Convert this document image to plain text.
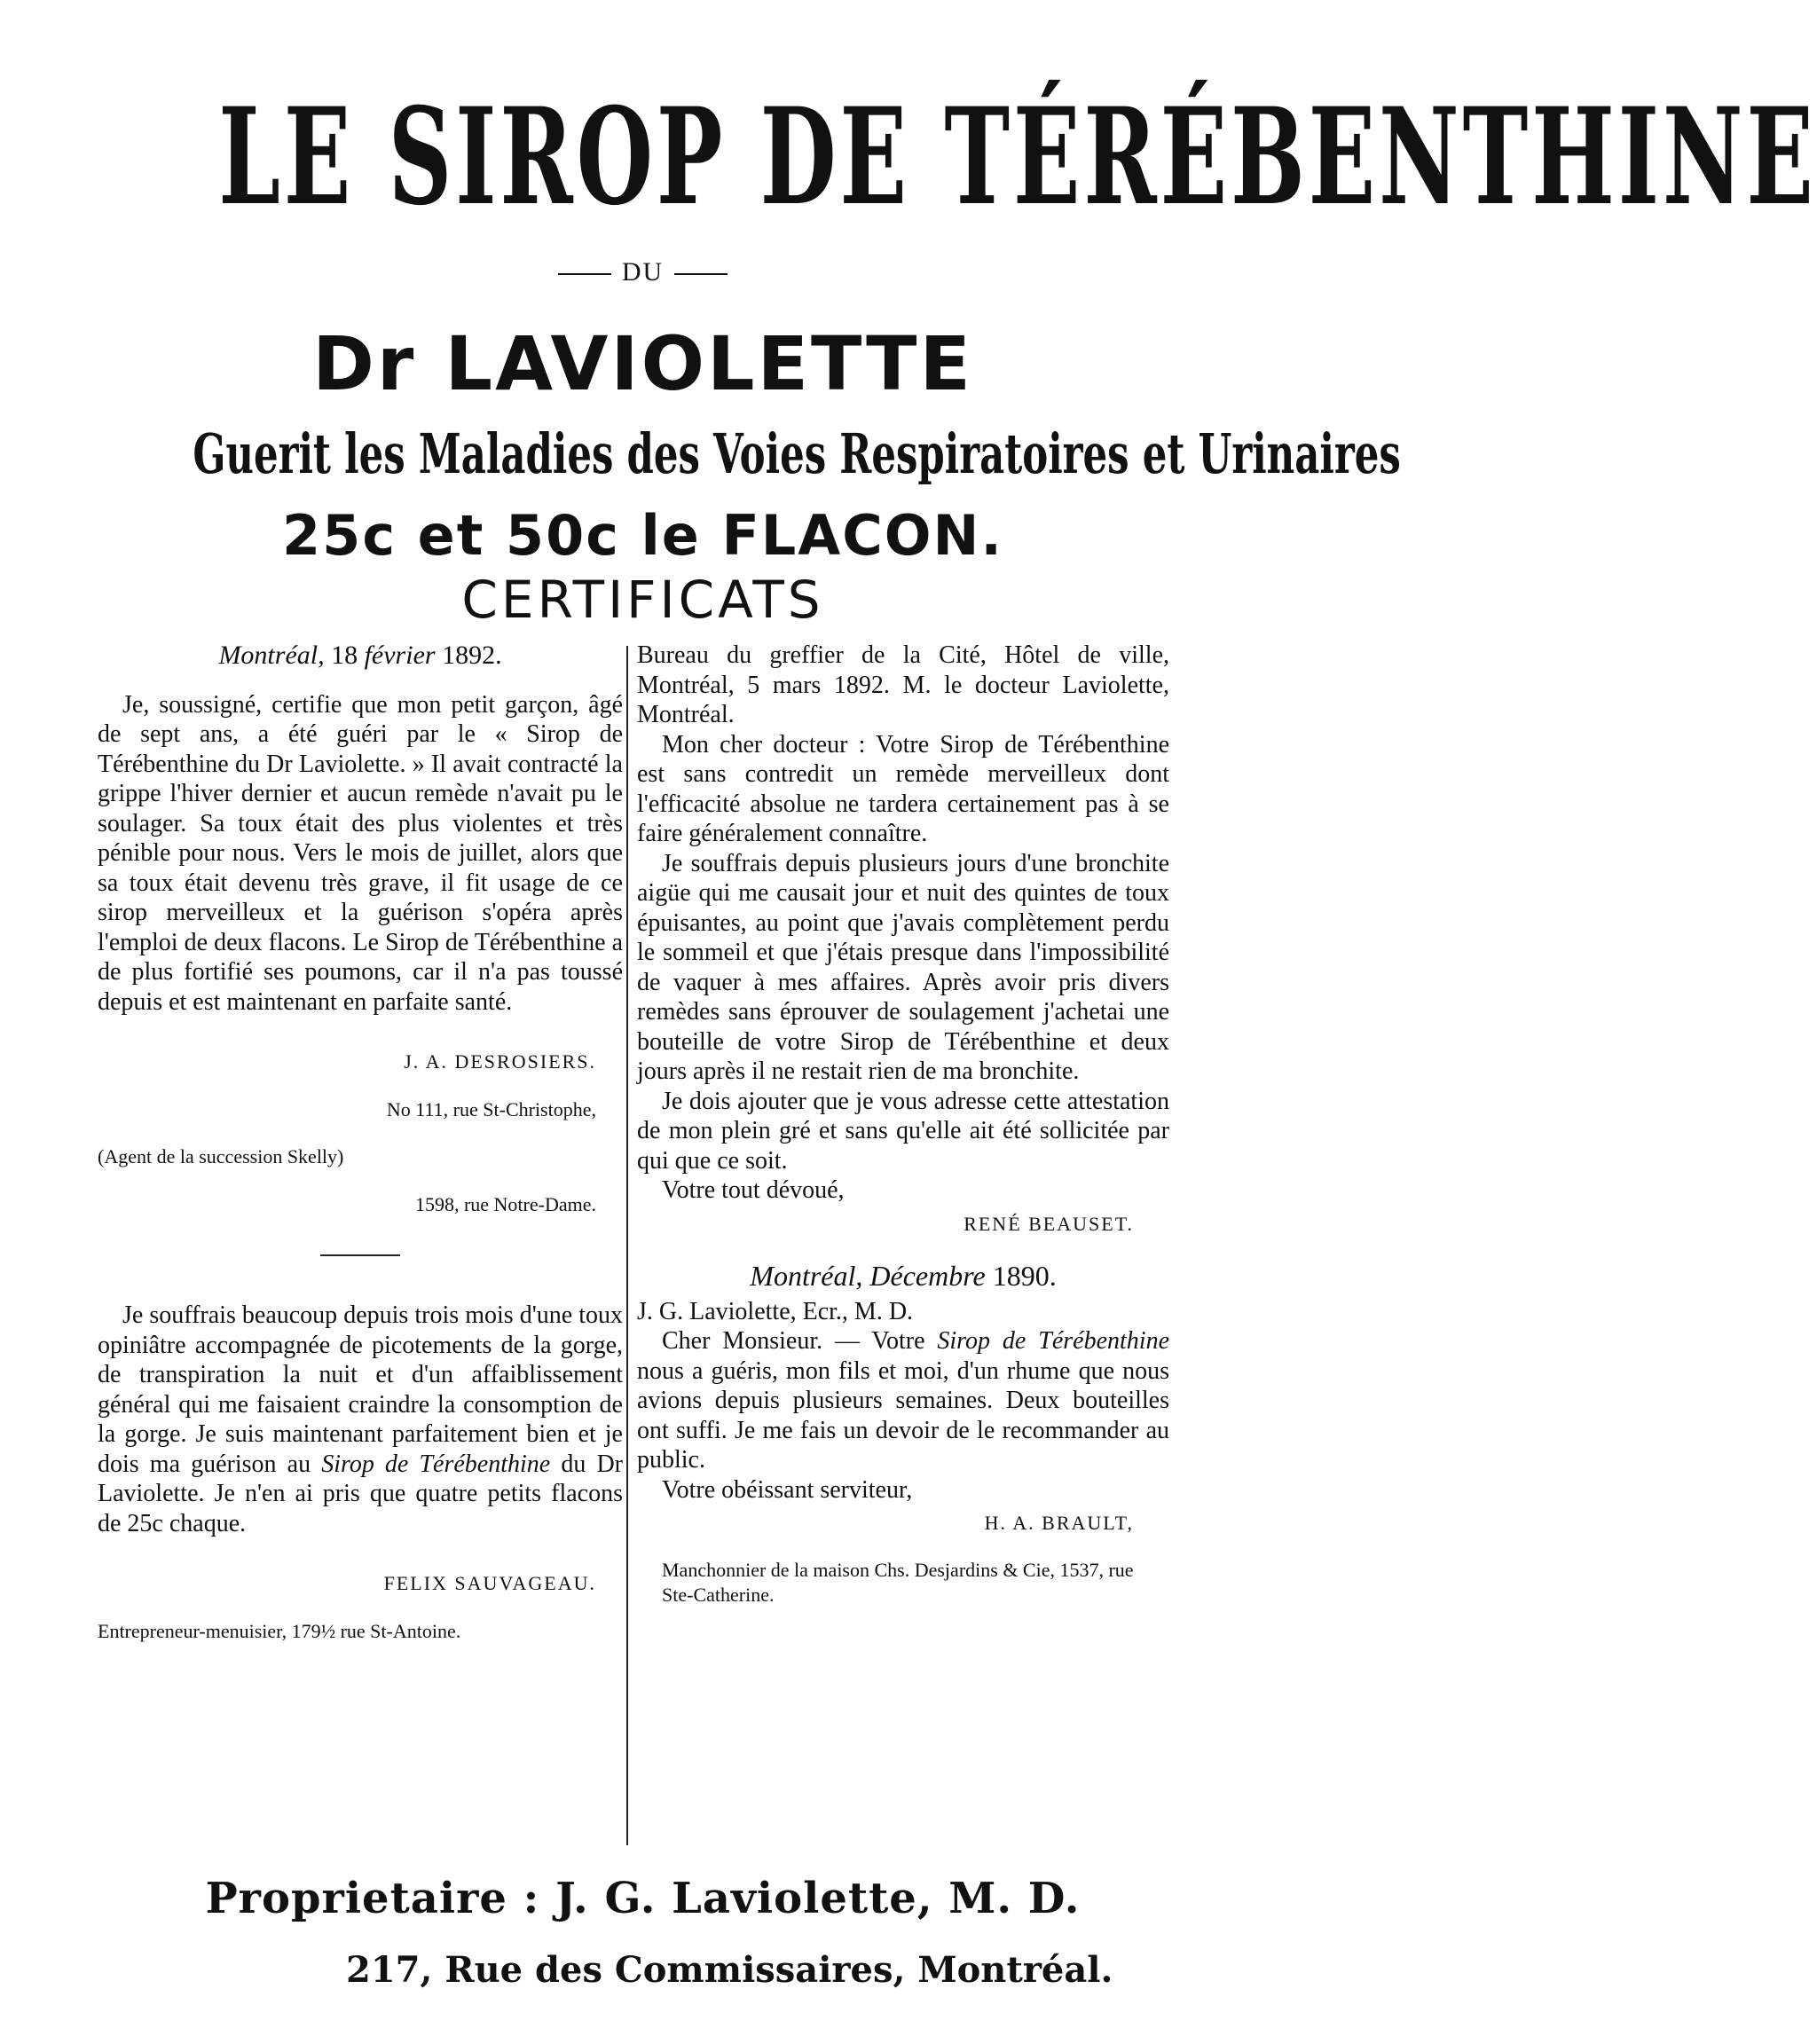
LE SIROP DE TÉRÉBENTHINE
DU
Dr LAVIOLETTE
Guerit les Maladies des Voies Respiratoires et Urinaires
25c et 50c le FLACON.
CERTIFICATS
Montréal, 18 février 1892.

Je, soussigné, certifie que mon petit garçon, âgé de sept ans, a été guéri par le « Sirop de Térébenthine du Dr Laviolette. » Il avait contracté la grippe l'hiver dernier et aucun remède n'avait pu le soulager. Sa toux était des plus violentes et très pénible pour nous. Vers le mois de juillet, alors que sa toux était devenu très grave, il fit usage de ce sirop merveilleux et la guérison s'opéra après l'emploi de deux flacons. Le Sirop de Térébenthine a de plus fortifié ses poumons, car il n'a pas toussé depuis et est maintenant en parfaite santé.

J. A. DESROSIERS.
No 111, rue St-Christophe,
(Agent de la succession Skelly)
1598, rue Notre-Dame.

Je souffrais beaucoup depuis trois mois d'une toux opiniâtre accompagnée de picotements de la gorge, de transpiration la nuit et d'un affaiblissement général qui me faisaient craindre la consomption de la gorge. Je suis maintenant parfaitement bien et je dois ma guérison au Sirop de Térébenthine du Dr Laviolette. Je n'en ai pris que quatre petits flacons de 25c chaque.

FELIX SAUVAGEAU.
Entrepreneur-menuisier, 179½ rue St-Antoine.

Bureau du greffier de la Cité, Hôtel de ville, Montréal, 5 mars 1892. M. le docteur Laviolette, Montréal.

Mon cher docteur : Votre Sirop de Térébenthine est sans contredit un remède merveilleux dont l'efficacité absolue ne tardera certainement pas à se faire généralement connaître.

Je souffrais depuis plusieurs jours d'une bronchite aigüe qui me causait jour et nuit des quintes de toux épuisantes, au point que j'avais complètement perdu le sommeil et que j'étais presque dans l'impossibilité de vaquer à mes affaires. Après avoir pris divers remèdes sans éprouver de soulagement j'achetai une bouteille de votre Sirop de Térébenthine et deux jours après il ne restait rien de ma bronchite.

Je dois ajouter que je vous adresse cette attestation de mon plein gré et sans qu'elle ait été sollicitée par qui que ce soit.

Votre tout dévoué,

RENÉ BEAUSET.
Montréal, Décembre 1890.

J. G. Laviolette, Ecr., M. D.

Cher Monsieur. — Votre Sirop de Térébenthine nous a guéris, mon fils et moi, d'un rhume que nous avions depuis plusieurs semaines. Deux bouteilles ont suffi. Je me fais un devoir de le recommander au public.

Votre obéissant serviteur,

H. A. BRAULT,
Manchonnier de la maison Chs. Desjardins & Cie, 1537, rue Ste-Catherine.
Proprietaire : J. G. Laviolette, M. D.
217, Rue des Commissaires, Montréal.
